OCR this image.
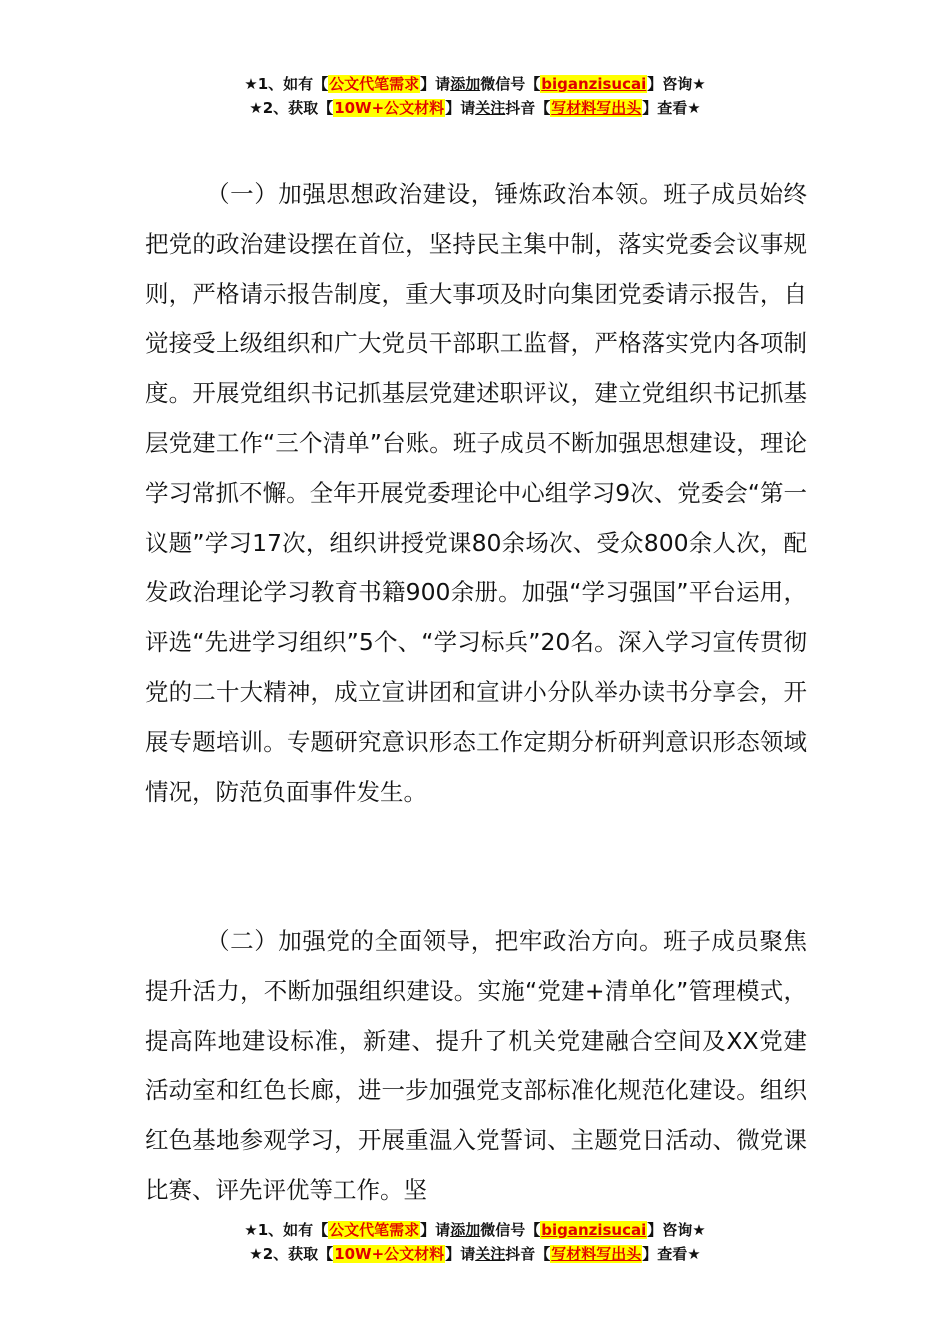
★1、如有【公文代笔需求】请添加微信号【biganzisucai】咨询★
★2、获取【10W+公文材料】请关注抖音【写材料写出头】查看★

（一）加强思想政治建设，锤炼政治本领。班子成员始终把党的政治建设摆在首位，坚持民主集中制，落实党委会议事规则，严格请示报告制度，重大事项及时向集团党委请示报告，自觉接受上级组织和广大党员干部职工监督，严格落实党内各项制度。开展党组织书记抓基层党建述职评议，建立党组织书记抓基层党建工作“三个清单”台账。班子成员不断加强思想建设，理论学习常抓不懈。全年开展党委理论中心组学习9次、党委会“第一议题”学习17次，组织讲授党课80余场次、受众800余人次，配发政治理论学习教育书籍900余册。加强“学习强国”平台运用，评选“先进学习组织”5个、“学习标兵”20名。深入学习宣传贯彻党的二十大精神，成立宣讲团和宣讲小分队举办读书分享会，开展专题培训。专题研究意识形态工作定期分析研判意识形态领域情况，防范负面事件发生。

（二）加强党的全面领导，把牢政治方向。班子成员聚焦提升活力，不断加强组织建设。实施“党建+清单化”管理模式，提高阵地建设标准，新建、提升了机关党建融合空间及XX党建活动室和红色长廊，进一步加强党支部标准化规范化建设。组织红色基地参观学习，开展重温入党誓词、主题党日活动、微党课比赛、评先评优等工作。坚

★1、如有【公文代笔需求】请添加微信号【biganzisucai】咨询★
★2、获取【10W+公文材料】请关注抖音【写材料写出头】查看★
